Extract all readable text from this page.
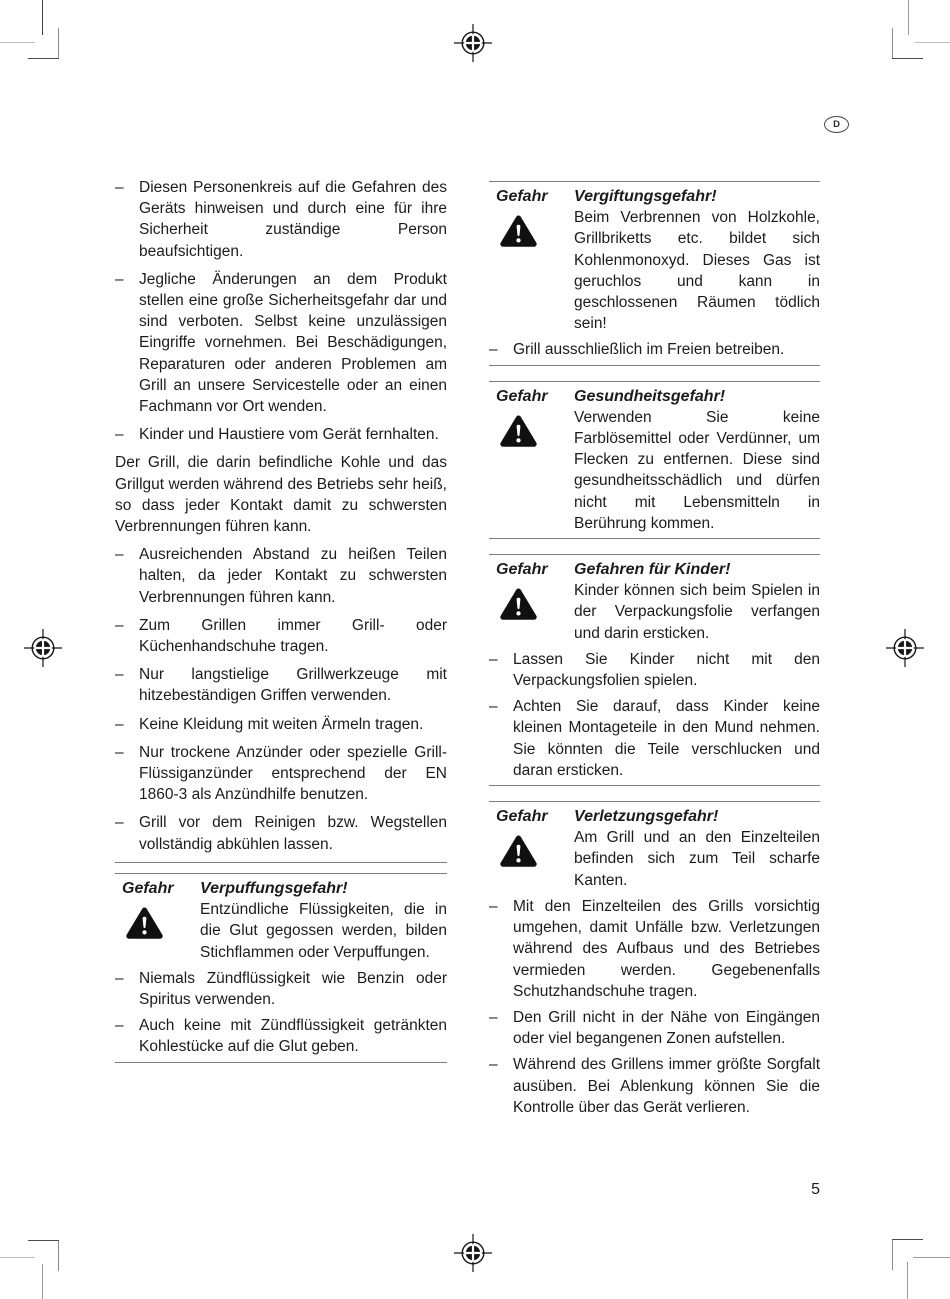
D
– Diesen Personenkreis auf die Gefahren des Geräts hinweisen und durch eine für ihre Sicherheit zuständige Person beaufsichtigen.
– Jegliche Änderungen an dem Produkt stellen eine große Sicherheitsgefahr dar und sind verboten. Selbst keine unzulässigen Eingriffe vornehmen. Bei Beschädigungen, Reparaturen oder anderen Problemen am Grill an unsere Servicestelle oder an einen Fachmann vor Ort wenden.
– Kinder und Haustiere vom Gerät fernhalten.

Der Grill, die darin befindliche Kohle und das Grillgut werden während des Betriebs sehr heiß, so dass jeder Kontakt damit zu schwersten Verbrennungen führen kann.

– Ausreichenden Abstand zu heißen Teilen halten, da jeder Kontakt zu schwersten Verbrennungen führen kann.
– Zum Grillen immer Grill- oder Küchenhandschuhe tragen.
– Nur langstielige Grillwerkzeuge mit hitzebeständigen Griffen verwenden.
– Keine Kleidung mit weiten Ärmeln tragen.
– Nur trockene Anzünder oder spezielle Grill-Flüssiganzünder entsprechend der EN 1860-3 als Anzündhilfe benutzen.
– Grill vor dem Reinigen bzw. Wegstellen vollständig abkühlen lassen.
Gefahr	Verpuffungsgefahr!
Entzündliche Flüssigkeiten, die in die Glut gegossen werden, bilden Stichflammen oder Verpuffungen.
– Niemals Zündflüssigkeit wie Benzin oder Spiritus verwenden.
– Auch keine mit Zündflüssigkeit getränkten Kohlestücke auf die Glut geben.
Gefahr	Vergiftungsgefahr!
Beim Verbrennen von Holzkohle, Grillbriketts etc. bildet sich Kohlenmonoxyd. Dieses Gas ist geruchlos und kann in geschlossenen Räumen tödlich sein!
– Grill ausschließlich im Freien betreiben.
Gefahr	Gesundheitsgefahr!
Verwenden Sie keine Farblösemittel oder Verdünner, um Flecken zu entfernen. Diese sind gesundheitsschädlich und dürfen nicht mit Lebensmitteln in Berührung kommen.
Gefahr	Gefahren für Kinder!
Kinder können sich beim Spielen in der Verpackungsfolie verfangen und darin ersticken.
– Lassen Sie Kinder nicht mit den Verpackungsfolien spielen.
– Achten Sie darauf, dass Kinder keine kleinen Montageteile in den Mund nehmen. Sie könnten die Teile verschlucken und daran ersticken.
Gefahr	Verletzungsgefahr!
Am Grill und an den Einzelteilen befinden sich zum Teil scharfe Kanten.
– Mit den Einzelteilen des Grills vorsichtig umgehen, damit Unfälle bzw. Verletzungen während des Aufbaus und des Betriebes vermieden werden. Gegebenenfalls Schutzhandschuhe tragen.
– Den Grill nicht in der Nähe von Eingängen oder viel begangenen Zonen aufstellen.
– Während des Grillens immer größte Sorgfalt ausüben. Bei Ablenkung können Sie die Kontrolle über das Gerät verlieren.
5
